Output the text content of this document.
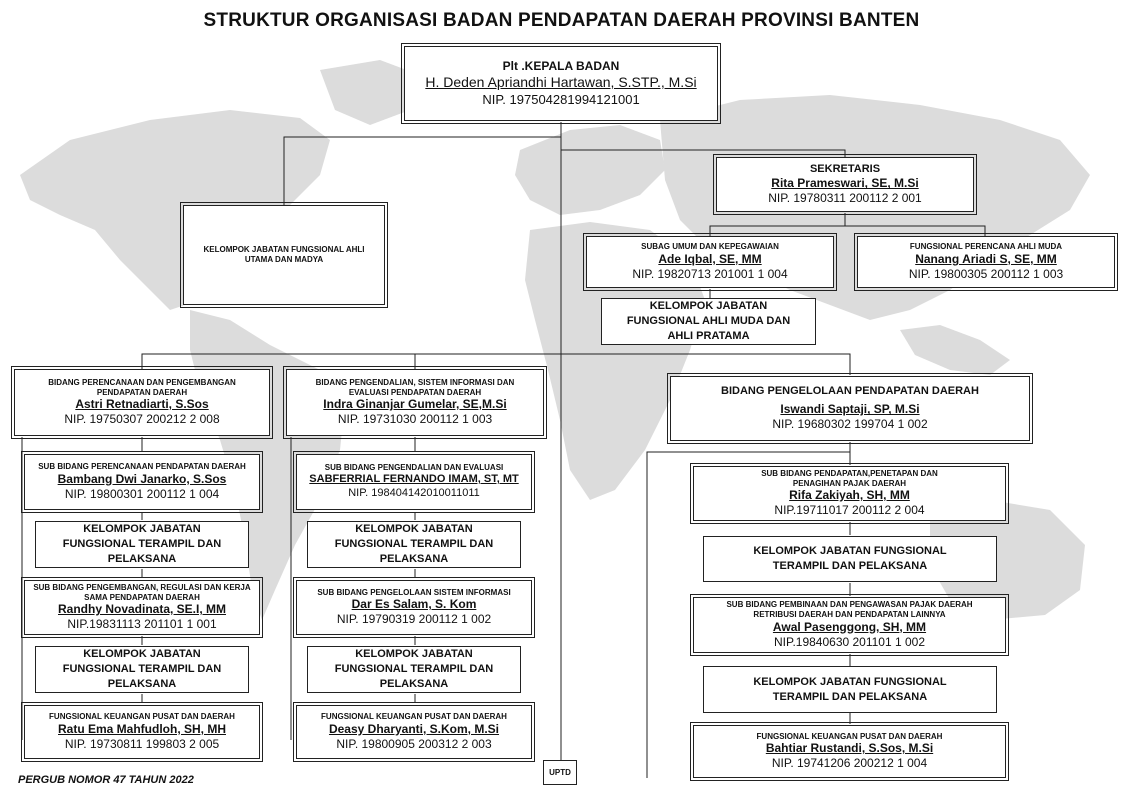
STRUKTUR ORGANISASI BADAN PENDAPATAN DAERAH PROVINSI BANTEN
Plt .KEPALA BADAN
H. Deden Apriandhi Hartawan, S.STP., M.Si
NIP. 197504281994121001
SEKRETARIS
Rita Prameswari, SE, M.Si
NIP. 19780311 200112 2 001
KELOMPOK JABATAN FUNGSIONAL AHLI UTAMA DAN MADYA
SUBAG UMUM DAN KEPEGAWAIAN
Ade Iqbal, SE, MM
NIP. 19820713 201001 1 004
FUNGSIONAL PERENCANA AHLI MUDA
Nanang Ariadi S, SE, MM
NIP. 19800305 200112 1 003
KELOMPOK JABATAN FUNGSIONAL AHLI MUDA DAN AHLI PRATAMA
BIDANG PERENCANAAN DAN PENGEMBANGAN PENDAPATAN DAERAH
Astri Retnadiarti, S.Sos
NIP. 19750307 200212 2 008
SUB BIDANG PERENCANAAN PENDAPATAN DAERAH
Bambang Dwi Janarko, S.Sos
NIP. 19800301 200112 1 004
KELOMPOK JABATAN FUNGSIONAL TERAMPIL DAN PELAKSANA
SUB BIDANG PENGEMBANGAN, REGULASI DAN KERJA SAMA PENDAPATAN DAERAH
Randhy Novadinata, SE.I, MM
NIP.19831113 201101 1 001
KELOMPOK JABATAN FUNGSIONAL TERAMPIL DAN PELAKSANA
FUNGSIONAL KEUANGAN PUSAT DAN DAERAH
Ratu Ema Mahfudloh, SH, MH
NIP. 19730811 199803 2 005
BIDANG PENGENDALIAN, SISTEM INFORMASI DAN EVALUASI PENDAPATAN DAERAH
Indra Ginanjar Gumelar, SE,M.Si
NIP. 19731030 200112 1 003
SUB BIDANG PENGENDALIAN DAN EVALUASI
SABFERRIAL FERNANDO IMAM, ST, MT
NIP. 198404142010011011
KELOMPOK JABATAN FUNGSIONAL TERAMPIL DAN PELAKSANA
SUB BIDANG PENGELOLAAN SISTEM INFORMASI
Dar Es Salam, S. Kom
NIP. 19790319 200112 1 002
KELOMPOK JABATAN FUNGSIONAL TERAMPIL DAN PELAKSANA
FUNGSIONAL KEUANGAN PUSAT DAN DAERAH
Deasy Dharyanti, S.Kom, M.Si
NIP. 19800905 200312 2 003
UPTD
BIDANG PENGELOLAAN PENDAPATAN DAERAH
Iswandi Saptaji, SP, M.Si
NIP. 19680302 199704 1 002
SUB BIDANG PENDAPATAN,PENETAPAN DAN PENAGIHAN PAJAK DAERAH
Rifa Zakiyah, SH, MM
NIP.19711017 200112 2 004
KELOMPOK JABATAN FUNGSIONAL TERAMPIL DAN PELAKSANA
SUB BIDANG PEMBINAAN DAN PENGAWASAN PAJAK DAERAH RETRIBUSI DAERAH DAN PENDAPATAN LAINNYA
Awal Pasenggong, SH, MM
NIP.19840630 201101 1 002
KELOMPOK JABATAN FUNGSIONAL TERAMPIL DAN PELAKSANA
FUNGSIONAL KEUANGAN PUSAT DAN DAERAH
Bahtiar Rustandi, S.Sos, M.Si
NIP. 19741206 200212 1 004
PERGUB NOMOR 47 TAHUN 2022
